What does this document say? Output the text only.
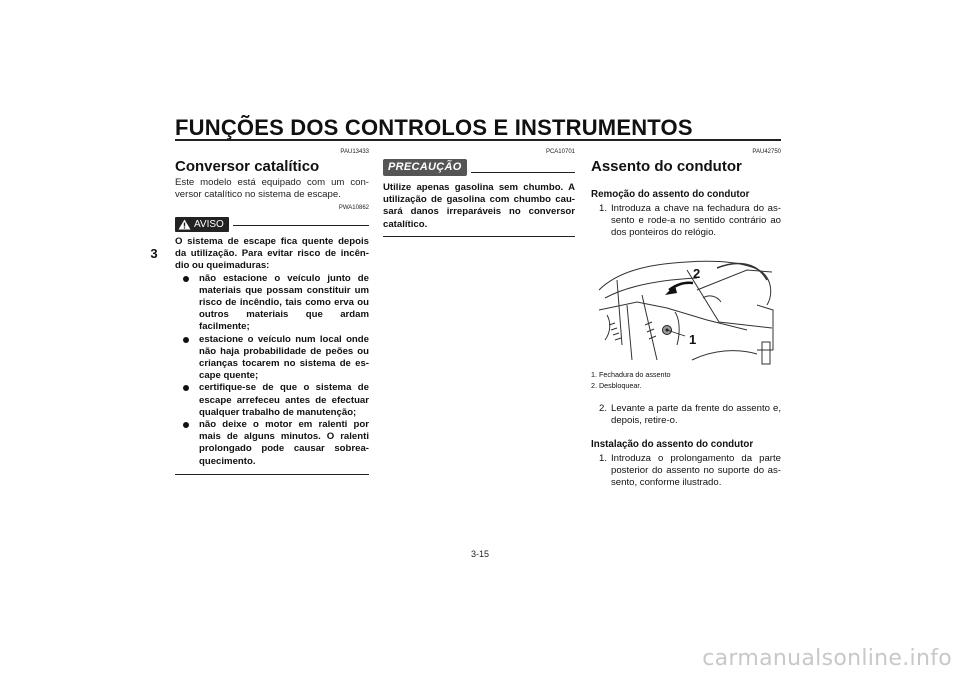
FUNÇÕES DOS CONTROLOS E INSTRUMENTOS
3
PAU13433
Conversor catalítico
Este modelo está equipado com um con-versor catalítico no sistema de escape.
PWA10862
AVISO
O sistema de escape fica quente depois da utilização. Para evitar risco de incên-dio ou queimaduras:
não estacione o veículo junto de materiais que possam constituir um risco de incêndio, tais como erva ou outros materiais que ardam facilmente;
estacione o veículo num local onde não haja probabilidade de peões ou crianças tocarem no sistema de es-cape quente;
certifique-se de que o sistema de escape arrefeceu antes de efectuar qualquer trabalho de manutenção;
não deixe o motor em ralenti por mais de alguns minutos. O ralenti prolongado pode causar sobrea-quecimento.
PCA10701
PRECAUÇÃO
Utilize apenas gasolina sem chumbo. A utilização de gasolina com chumbo cau-sará danos irreparáveis no conversor catalítico.
PAU42750
Assento do condutor
Remoção do assento do condutor
1. Introduza a chave na fechadura do as-sento e rode-a no sentido contrário ao dos ponteiros do relógio.
1
2
1. Fechadura do assento
2. Desbloquear.
2. Levante a parte da frente do assento e, depois, retire-o.
Instalação do assento do condutor
1. Introduza o prolongamento da parte posterior do assento no suporte do as-sento, conforme ilustrado.
3-15
carmanualsonline.info
